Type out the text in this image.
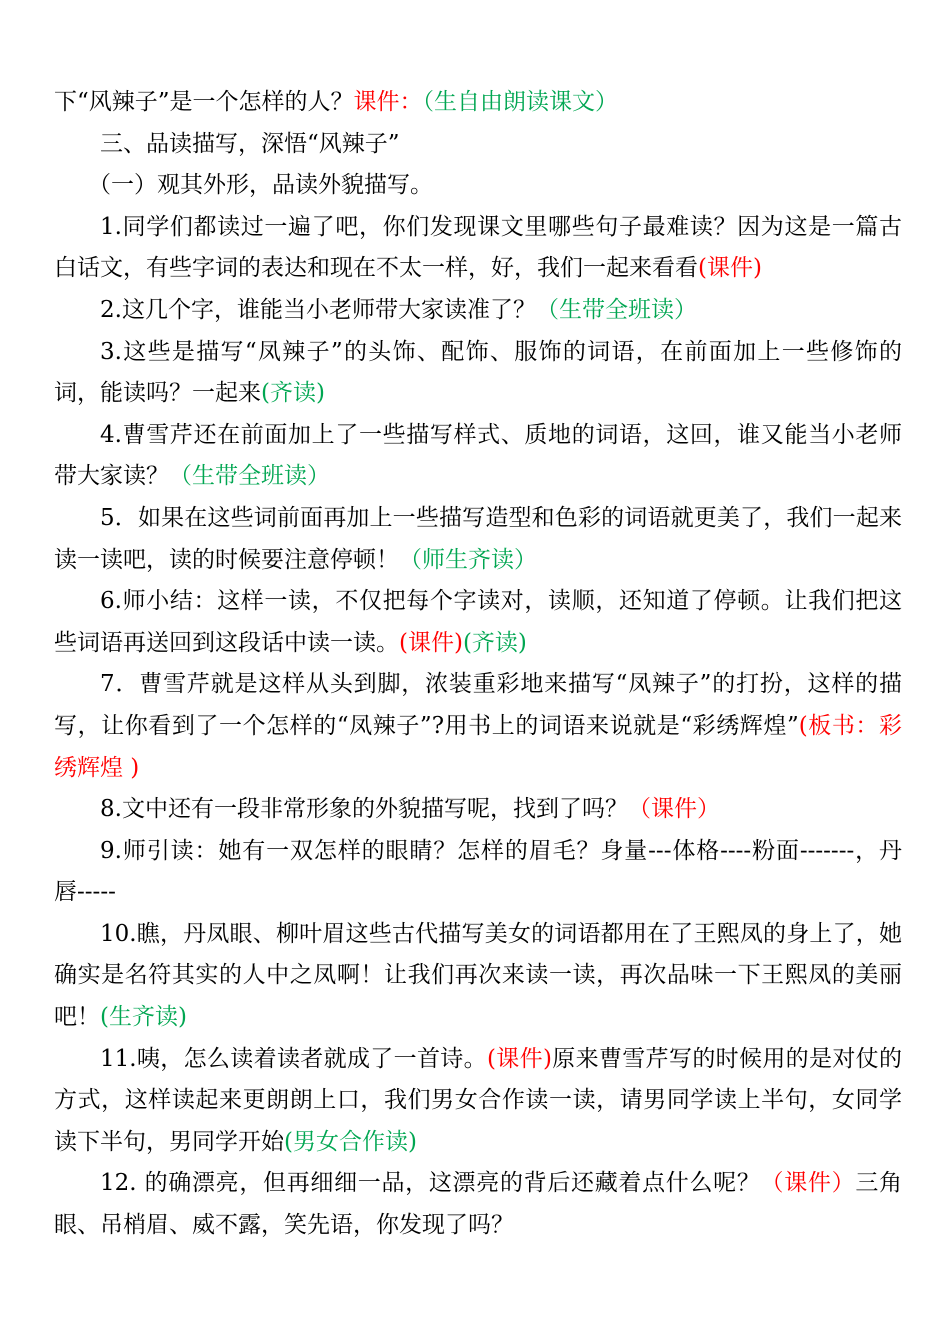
下“风辣子”是一个怎样的人？课件：（生自由朗读课文）

三、品读描写，深悟“风辣子”

（一）观其外形，品读外貌描写。

1.同学们都读过一遍了吧，你们发现课文里哪些句子最难读？因为这是一篇古白话文，有些字词的表达和现在不太一样，好，我们一起来看看(课件)

2.这几个字，谁能当小老师带大家读准了？（生带全班读）

3.这些是描写“凤辣子”的头饰、配饰、服饰的词语，在前面加上一些修饰的词，能读吗？一起来(齐读)

4.曹雪芹还在前面加上了一些描写样式、质地的词语，这回，谁又能当小老师带大家读？（生带全班读）

5．如果在这些词前面再加上一些描写造型和色彩的词语就更美了，我们一起来读一读吧，读的时候要注意停顿！（师生齐读）

6.师小结：这样一读，不仅把每个字读对，读顺，还知道了停顿。让我们把这些词语再送回到这段话中读一读。(课件)(齐读)

7．曹雪芹就是这样从头到脚，浓装重彩地来描写“凤辣子”的打扮，这样的描写，让你看到了一个怎样的“凤辣子”?用书上的词语来说就是“彩绣辉煌”(板书：彩绣辉煌 )

8.文中还有一段非常形象的外貌描写呢，找到了吗？（课件）

9.师引读：她有一双怎样的眼睛？怎样的眉毛？身量---体格----粉面-------，丹唇-----

10.瞧，丹凤眼、柳叶眉这些古代描写美女的词语都用在了王熙凤的身上了，她确实是名符其实的人中之凤啊！让我们再次来读一读，再次品味一下王熙凤的美丽吧！(生齐读)

11.咦，怎么读着读者就成了一首诗。(课件)原来曹雪芹写的时候用的是对仗的方式，这样读起来更朗朗上口，我们男女合作读一读，请男同学读上半句，女同学读下半句，男同学开始(男女合作读)

12. 的确漂亮，但再细细一品，这漂亮的背后还藏着点什么呢？（课件）三角眼、吊梢眉、威不露，笑先语，你发现了吗？
